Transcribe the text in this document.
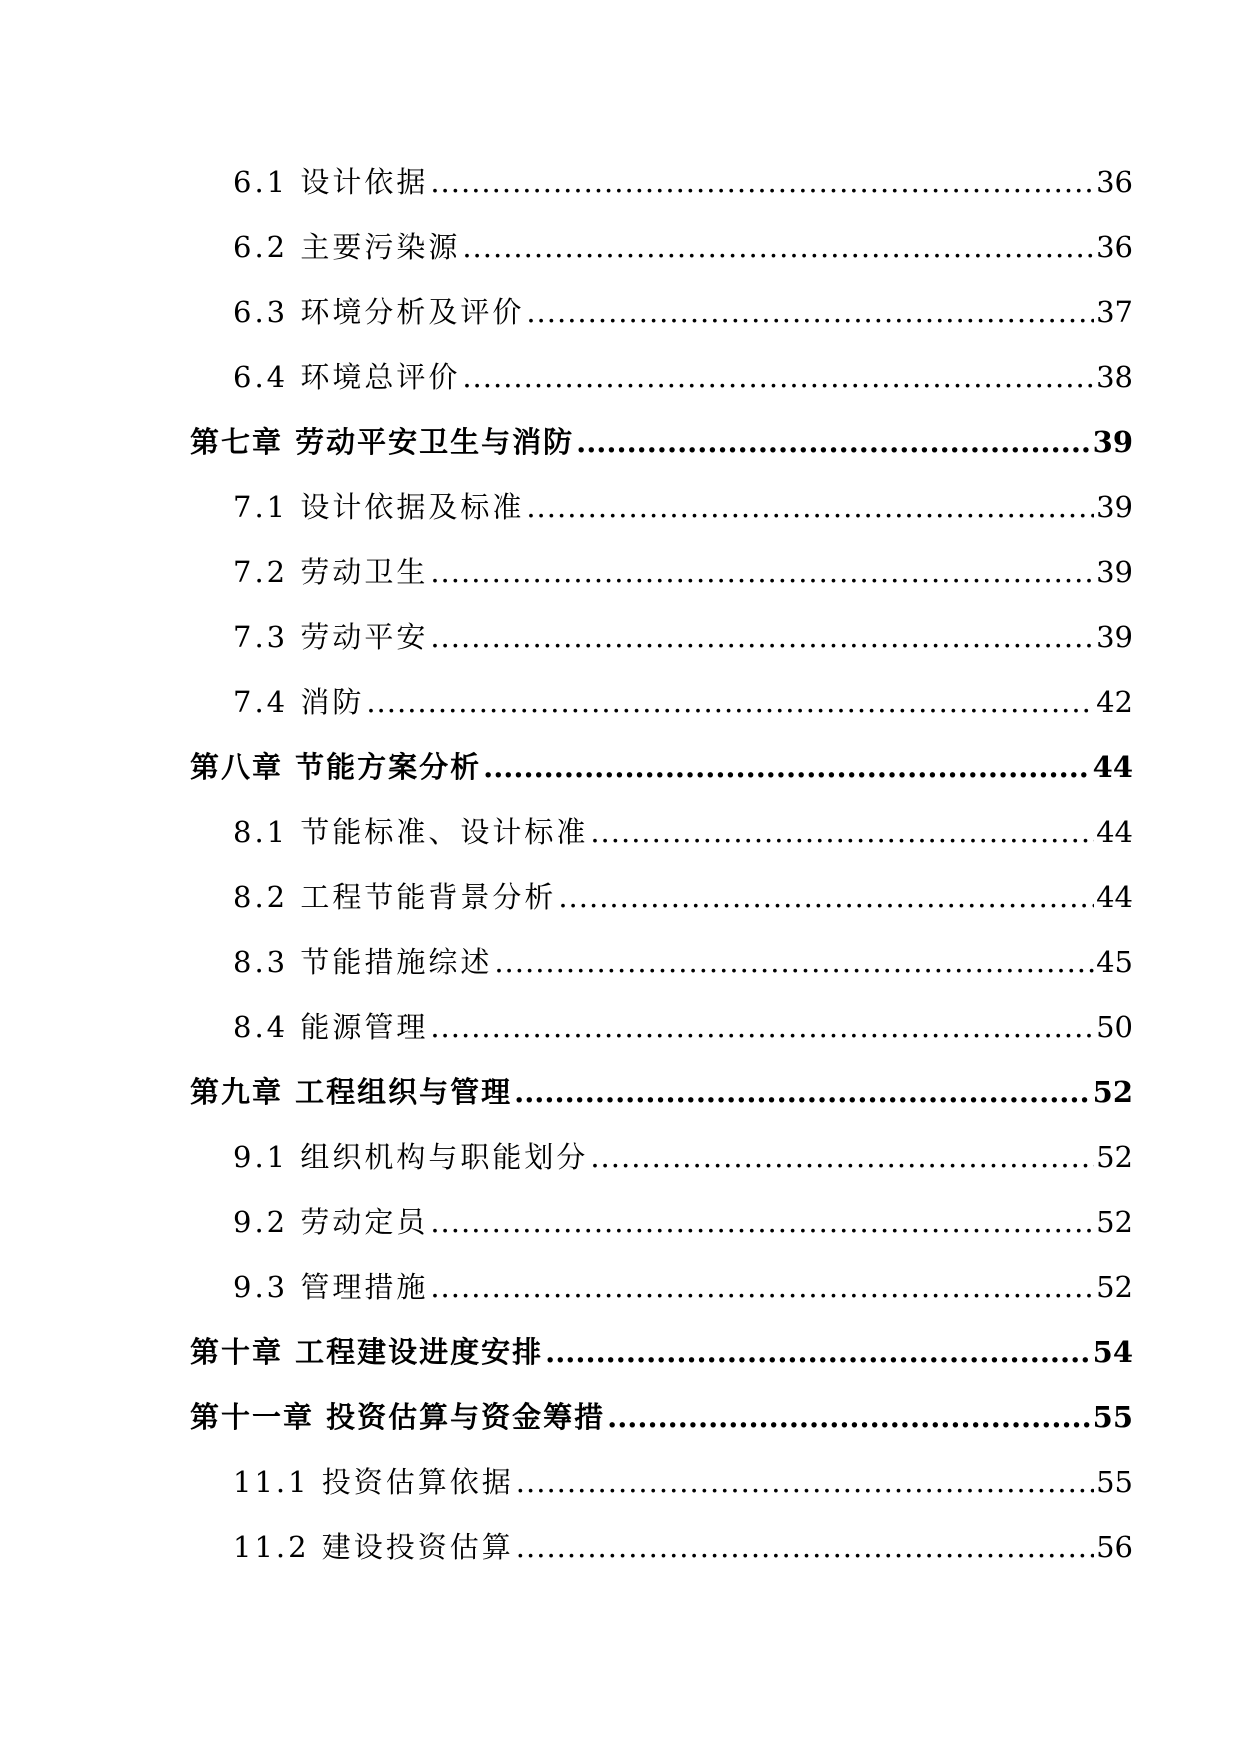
6.1 设计依据 .....	36
6.2 主要污染源 .....	36
6.3 环境分析及评价 .....	37
6.4 环境总评价 .....	38
第七章 劳动平安卫生与消防 .....	39
7.1 设计依据及标准 .....	39
7.2 劳动卫生 .....	39
7.3 劳动平安 .....	39
7.4 消防 .....	42
第八章 节能方案分析 .....	44
8.1 节能标准、设计标准 .....	44
8.2 工程节能背景分析 .....	44
8.3 节能措施综述 .....	45
8.4 能源管理 .....	50
第九章 工程组织与管理 .....	52
9.1 组织机构与职能划分 .....	52
9.2 劳动定员 .....	52
9.3 管理措施 .....	52
第十章 工程建设进度安排 .....	54
第十一章 投资估算与资金筹措 .....	55
11.1 投资估算依据 .....	55
11.2 建设投资估算 .....	56
